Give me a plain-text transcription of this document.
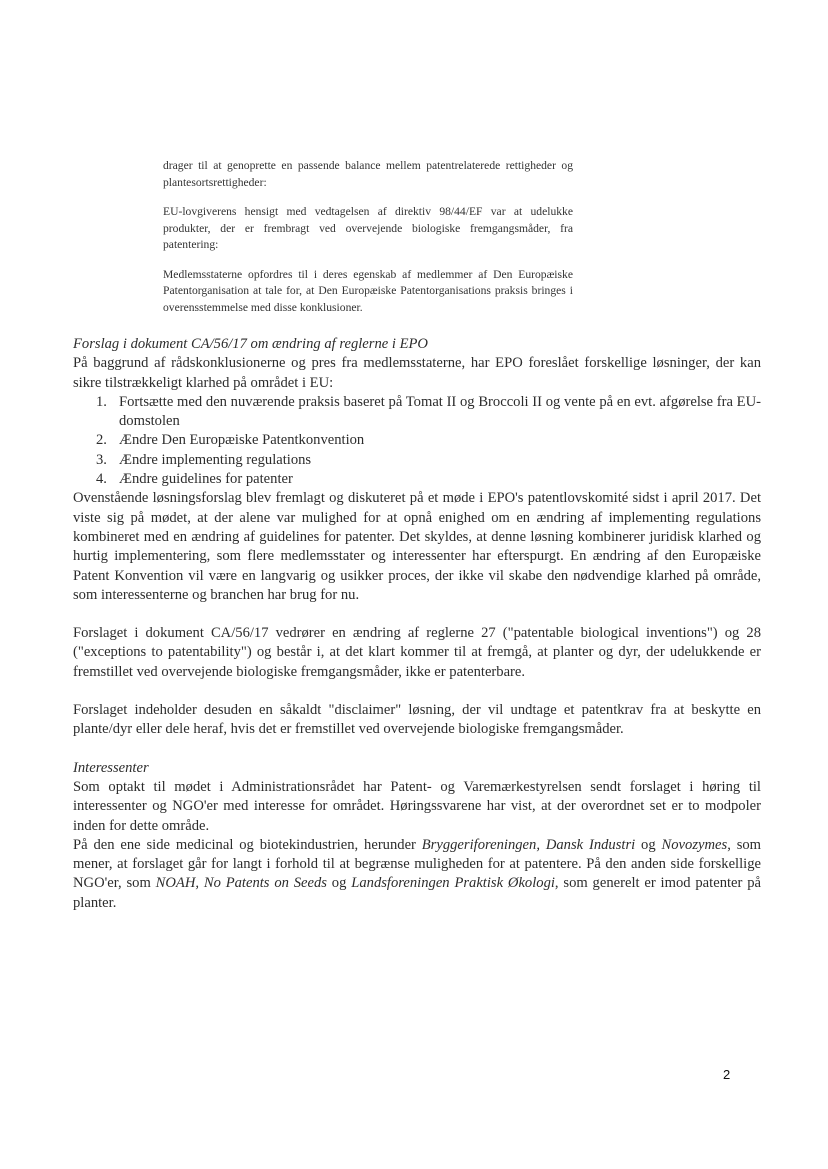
drager til at genoprette en passende balance mellem patentrelaterede rettigheder og plantesortsrettigheder:

EU-lovgiverens hensigt med vedtagelsen af direktiv 98/44/EF var at udelukke produkter, der er frembragt ved overvejende biologiske fremgangsmåder, fra patentering:

Medlemsstaterne opfordres til i deres egenskab af medlemmer af Den Europæiske Patentorganisation at tale for, at Den Europæiske Patentorganisations praksis bringes i overensstemmelse med disse konklusioner.

Forslag i dokument CA/56/17 om ændring af reglerne i EPO

På baggrund af rådskonklusionerne og pres fra medlemsstaterne, har EPO foreslået forskellige løsninger, der kan sikre tilstrækkeligt klarhed på området i EU:

1. Fortsætte med den nuværende praksis baseret på Tomat II og Broccoli II og vente på en evt. afgørelse fra EU-domstolen
2. Ændre Den Europæiske Patentkonvention
3. Ændre implementing regulations
4. Ændre guidelines for patenter

Ovenstående løsningsforslag blev fremlagt og diskuteret på et møde i EPO's patentlovskomité sidst i april 2017. Det viste sig på mødet, at der alene var mulighed for at opnå enighed om en ændring af implementing regulations kombineret med en ændring af guidelines for patenter. Det skyldes, at denne løsning kombinerer juridisk klarhed og hurtig implementering, som flere medlemsstater og interessenter har efterspurgt. En ændring af den Europæiske Patent Konvention vil være en langvarig og usikker proces, der ikke vil skabe den nødvendige klarhed på område, som interessenterne og branchen har brug for nu.

Forslaget i dokument CA/56/17 vedrører en ændring af reglerne 27 ("patentable biological inventions") og 28 ("exceptions to patentability") og består i, at det klart kommer til at fremgå, at planter og dyr, der udelukkende er fremstillet ved overvejende biologiske fremgangsmåder, ikke er patenterbare.

Forslaget indeholder desuden en såkaldt "disclaimer" løsning, der vil undtage et patentkrav fra at beskytte en plante/dyr eller dele heraf, hvis det er fremstillet ved overvejende biologiske fremgangsmåder.

Interessenter

Som optakt til mødet i Administrationsrådet har Patent- og Varemærkestyrelsen sendt forslaget i høring til interessenter og NGO'er med interesse for området. Høringssvarene har vist, at der overordnet set er to modpoler inden for dette område.

På den ene side medicinal og biotekindustrien, herunder Bryggeriforeningen, Dansk Industri og Novozymes, som mener, at forslaget går for langt i forhold til at begrænse muligheden for at patentere. På den anden side forskellige NGO'er, som NOAH, No Patents on Seeds og Landsforeningen Praktisk Økologi, som generelt er imod patenter på planter.

2
